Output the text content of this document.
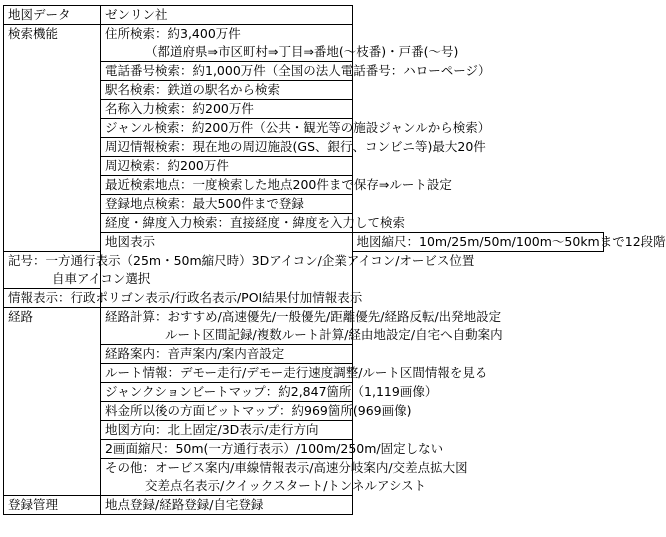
地図データ	ゼンリン社	
検索機能	住所検索：約3,400万件
（都道府県⇒市区町村⇒丁目⇒番地(～枝番)・戸番(～号)	

	電話番号検索：約1,000万件（全国の法人電話番号：ハローページ）	
	駅名検索：鉄道の駅名から検索	
	名称入力検索：約200万件	
	ジャンル検索：約200万件（公共・観光等の施設ジャンルから検索）	
	周辺情報検索：現在地の周辺施設(GS、銀行、コンビニ等)最大20件	
	周辺検索：約200万件	
	最近検索地点：一度検索した地点200件まで保存⇒ルート設定	
	登録地点検索：最大500件まで登録	
	経度・緯度入力検索：直接経度・緯度を入力して検索	
	地図表示	地図縮尺：10m/25m/50m/100m～50kmまで12段階

記号：一方通行表示（25m・50m縮尺時）3Dアイコン/企業アイコン/オービス位置
自車アイコン選択		

情報表示：行政ポリゴン表示/行政名表示/POI結果付加情報表示		
経路	経路計算：おすすめ/高速優先/一般優先/距離優先/経路反転/出発地設定
ルート区間記録/複数ルート計算/経由地設定/自宅へ自動案内	

	経路案内：音声案内/案内音設定	
	ルート情報：デモー走行/デモー走行速度調整/ルート区間情報を見る	
	ジャンクションビートマップ：約2,847箇所（1,119画像）	
	料金所以後の方面ビットマップ：約969箇所(969画像)	
	地図方向：北上固定/3D表示/走行方向	
	2画面縮尺：50m(一方通行表示）/100m/250m/固定しない	

	その他：オービス案内/車線情報表示/高速分岐案内/交差点拡大図
交差点名表示/クイックスタート/トンネルアシスト	

登録管理	地点登録/経路登録/自宅登録	
